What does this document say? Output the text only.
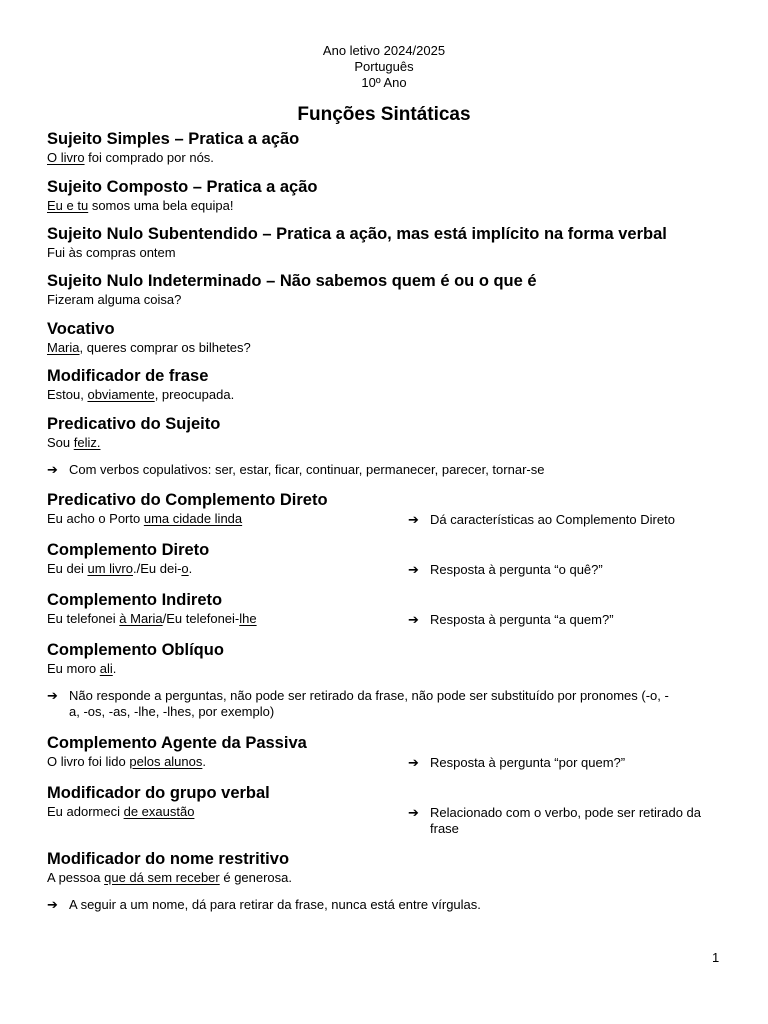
Ano letivo 2024/2025
Português
10º Ano
Funções Sintáticas
Sujeito Simples – Pratica a ação
O livro foi comprado por nós.
Sujeito Composto – Pratica a ação
Eu e tu somos uma bela equipa!
Sujeito Nulo Subentendido – Pratica a ação, mas está implícito na forma verbal
Fui às compras ontem
Sujeito Nulo Indeterminado – Não sabemos quem é ou o que é
Fizeram alguma coisa?
Vocativo
Maria, queres comprar os bilhetes?
Modificador de frase
Estou, obviamente, preocupada.
Predicativo do Sujeito
Sou feliz.
➔ Com verbos copulativos: ser, estar, ficar, continuar, permanecer, parecer, tornar-se
Predicativo do Complemento Direto
Eu acho o Porto uma cidade linda	➔ Dá características ao Complemento Direto
Complemento Direto
Eu dei um livro./Eu dei-o.	➔ Resposta à pergunta “o quê?”
Complemento Indireto
Eu telefonei à Maria/Eu telefonei-lhe	➔ Resposta à pergunta “a quem?”
Complemento Oblíquo
Eu moro ali.
➔ Não responde a perguntas, não pode ser retirado da frase, não pode ser substituído por pronomes (-o, -
a, -os, -as, -lhe, -lhes, por exemplo)
Complemento Agente da Passiva
O livro foi lido pelos alunos.	➔ Resposta à pergunta “por quem?”
Modificador do grupo verbal
Eu adormeci de exaustão	➔ Relacionado com o verbo, pode ser retirado da
frase
Modificador do nome restritivo
A pessoa que dá sem receber é generosa.
➔ A seguir a um nome, dá para retirar da frase, nunca está entre vírgulas.
1
